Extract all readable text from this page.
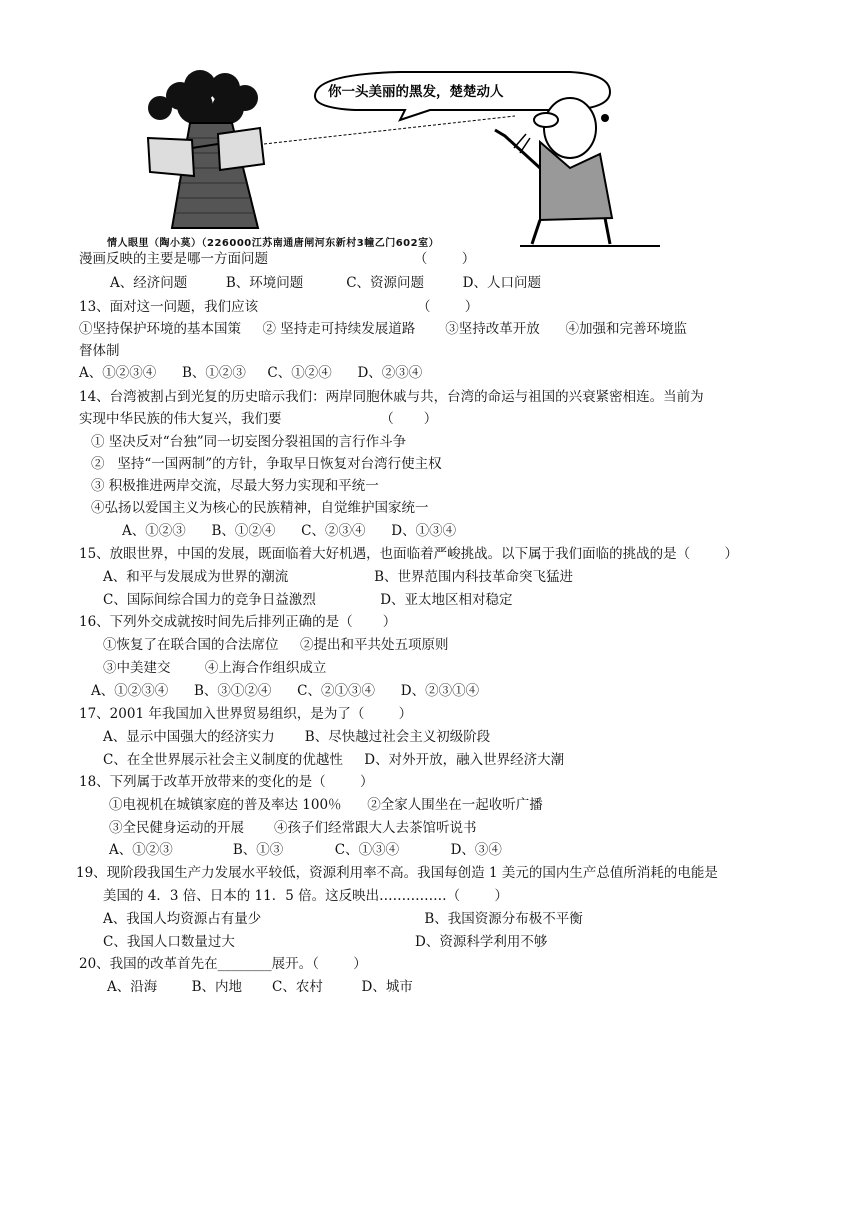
你一头美丽的黑发，楚楚动人
情人眼里（陶小莫）（226000江苏南通唐闸河东新村3幢乙门602室）
漫画反映的主要是哪一方面问题                                  （        ）
A、经济问题         B、环境问题          C、资源问题         D、人口问题
13、面对这一问题，我们应该                                     （        ）
①坚持保护环境的基本国策     ② 坚持走可持续发展道路       ③坚持改革开放      ④加强和完善环境监
督体制
A、①②③④      B、①②③     C、①②④      D、②③④
14、台湾被割占到光复的历史暗示我们：两岸同胞休戚与共，台湾的命运与祖国的兴衰紧密相连。当前为
实现中华民族的伟大复兴，我们要                       （       ）
① 坚决反对“台独”同一切妄图分裂祖国的言行作斗争
②   坚持“一国两制”的方针，争取早日恢复对台湾行使主权
③ 积极推进两岸交流，尽最大努力实现和平统一
④弘扬以爱国主义为核心的民族精神，自觉维护国家统一
A、①②③      B、①②④      C、②③④      D、①③④
15、放眼世界，中国的发展，既面临着大好机遇，也面临着严峻挑战。以下属于我们面临的挑战的是（        ）
A、和平与发展成为世界的潮流                    B、世界范围内科技革命突飞猛进
C、国际间综合国力的竞争日益激烈               D、亚太地区相对稳定
16、下列外交成就按时间先后排列正确的是（       ）
①恢复了在联合国的合法席位     ②提出和平共处五项原则
③中美建交        ④上海合作组织成立
A、①②③④      B、③①②④      C、②①③④      D、②③①④
17、2001 年我国加入世界贸易组织，是为了（        ）
A、显示中国强大的经济实力       B、尽快越过社会主义初级阶段
C、在全世界展示社会主义制度的优越性     D、对外开放，融入世界经济大潮
18、下列属于改革开放带来的变化的是（        ）
①电视机在城镇家庭的普及率达 100％      ②全家人围坐在一起收听广播
③全民健身运动的开展       ④孩子们经常跟大人去茶馆听说书
A、①②③              B、①③            C、①③④            D、③④
19、现阶段我国生产力发展水平较低，资源利用率不高。我国每创造 1 美元的国内生产总值所消耗的电能是
美国的 4．3 倍、日本的 11．5 倍。这反映出……………（        ）
A、我国人均资源占有量少                                      B、我国资源分布极不平衡
C、我国人口数量过大                                          D、资源科学利用不够
20、我国的改革首先在________展开。（        ）
A、沿海        B、内地       C、农村         D、城市
